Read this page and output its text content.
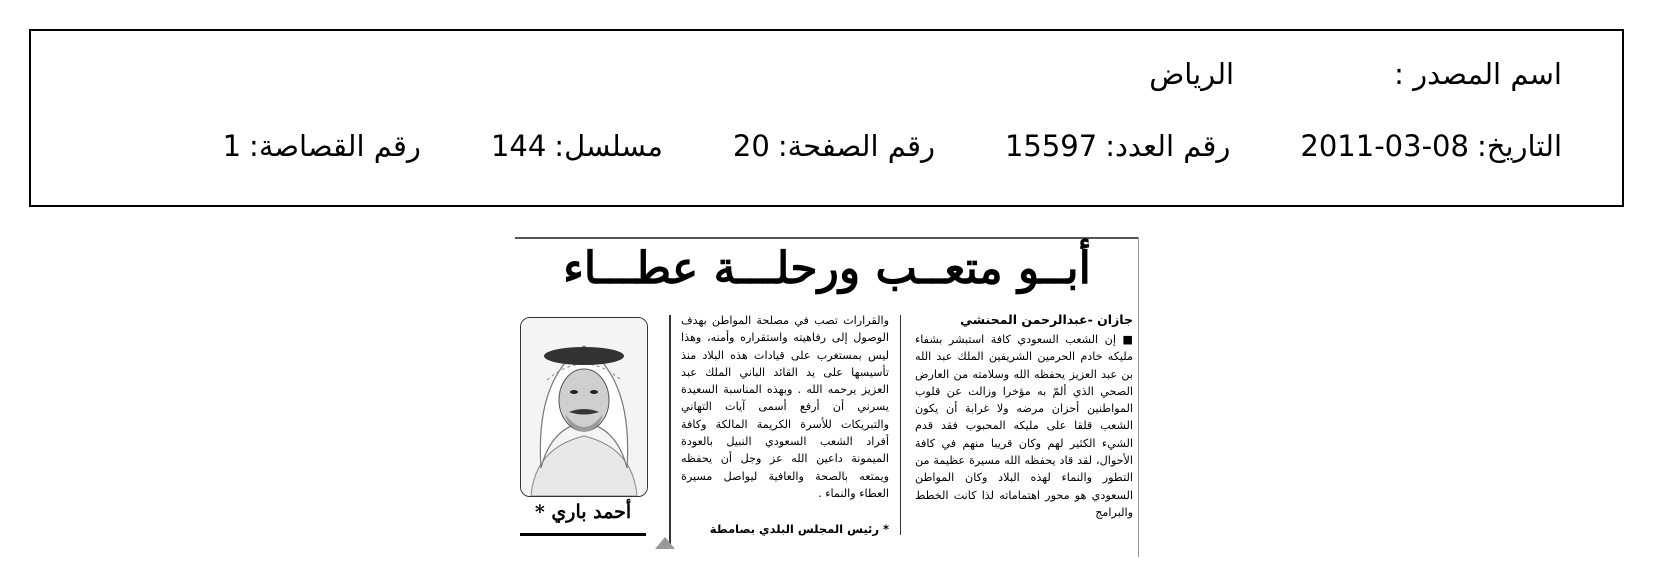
اسم المصدر :الرياض
التاريخ:2011-03-08رقم العدد:15597رقم الصفحة:20مسلسل:144رقم القصاصة:1
أبــو متعــب ورحلـــة عطـــاء
جازان -عبدالرحمن المحنشي
■ إن الشعب السعودي كافة استبشر بشفاء مليكه خادم الحرمين الشريفين الملك عبد الله بن عبد العزيز يحفظه الله وسلامته من العارض الصحي الذي ألمّ به مؤخرا وزالت عن قلوب المواطنين أحزان مرضه ولا غرابة أن يكون الشعب قلقا على مليكه المحبوب فقد قدم الشيء الكثير لهم وكان قريبا منهم في كافة الأحوال، لقد قاد يحفظه الله مسيرة عظيمة من التطور والنماء لهذه البلاد وكان المواطن السعودي هو محور اهتماماته لذا كانت الخطط والبرامج
والقرارات تصب في مصلحة المواطن بهدف الوصول إلى رفاهيته واستقراره وأمنه، وهذا ليس بمستغرب على قيادات هذه البلاد منذ تأسيسها على يد القائد الباني الملك عبد العزيز يرحمه الله . وبهذه المناسبة السعيدة يسرني أن أرفع أسمى آيات التهاني والتبريكات للأسرة الكريمة المالكة وكافة أفراد الشعب السعودي النبيل بالعودة الميمونة داعين الله عز وجل أن يحفظه ويمتعه بالصحة والعافية ليواصل مسيرة العطاء والنماء .
* رئيس المجلس البلدي بصامطة
أحمد باري *
